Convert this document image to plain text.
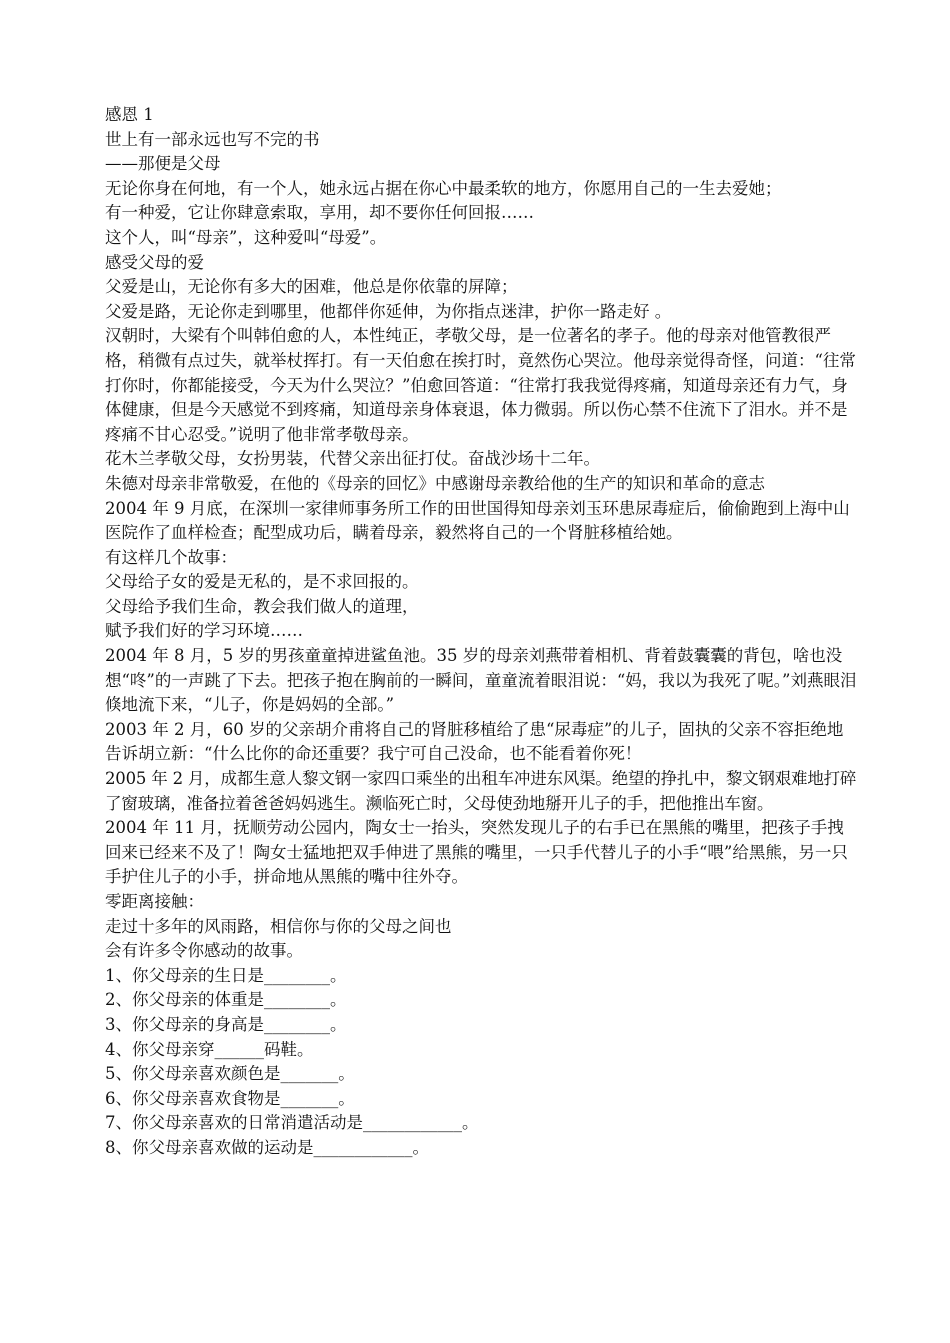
感恩 1

世上有一部永远也写不完的书

——那便是父母

无论你身在何地，有一个人，她永远占据在你心中最柔软的地方，你愿用自己的一生去爱她；

有一种爱，它让你肆意索取，享用，却不要你任何回报……

这个人，叫“母亲”，这种爱叫“母爱”。

感受父母的爱

父爱是山，无论你有多大的困难，他总是你依靠的屏障；

父爱是路，无论你走到哪里，他都伴你延伸，为你指点迷津，护你一路走好 。

汉朝时，大梁有个叫韩伯愈的人，本性纯正，孝敬父母，是一位著名的孝子。他的母亲对他管教很严格，稍微有点过失，就举杖挥打。有一天伯愈在挨打时，竟然伤心哭泣。他母亲觉得奇怪，问道：“往常打你时，你都能接受，今天为什么哭泣？”伯愈回答道：“往常打我我觉得疼痛，知道母亲还有力气，身体健康，但是今天感觉不到疼痛，知道母亲身体衰退，体力微弱。所以伤心禁不住流下了泪水。并不是疼痛不甘心忍受。”说明了他非常孝敬母亲。

花木兰孝敬父母，女扮男装，代替父亲出征打仗。奋战沙场十二年。

朱德对母亲非常敬爱，在他的《母亲的回忆》中感谢母亲教给他的生产的知识和革命的意志

2004 年 9 月底，在深圳一家律师事务所工作的田世国得知母亲刘玉环患尿毒症后，偷偷跑到上海中山医院作了血样检查；配型成功后，瞒着母亲，毅然将自己的一个肾脏移植给她。

有这样几个故事：

父母给子女的爱是无私的，是不求回报的。

父母给予我们生命，教会我们做人的道理，

赋予我们好的学习环境……

2004 年 8 月，5 岁的男孩童童掉进鲨鱼池。35 岁的母亲刘燕带着相机、背着鼓囊囊的背包，啥也没想“咚”的一声跳了下去。把孩子抱在胸前的一瞬间，童童流着眼泪说：“妈，我以为我死了呢。”刘燕眼泪倏地流下来，“儿子，你是妈妈的全部。”

2003 年 2 月，60 岁的父亲胡介甫将自己的肾脏移植给了患“尿毒症”的儿子，固执的父亲不容拒绝地告诉胡立新：“什么比你的命还重要？我宁可自己没命，也不能看着你死！

2005 年 2 月，成都生意人黎文钢一家四口乘坐的出租车冲进东风渠。绝望的挣扎中，黎文钢艰难地打碎了窗玻璃，准备拉着爸爸妈妈逃生。濒临死亡时，父母使劲地掰开儿子的手，把他推出车窗。

2004 年 11 月，抚顺劳动公园内，陶女士一抬头，突然发现儿子的右手已在黑熊的嘴里，把孩子手拽回来已经来不及了！陶女士猛地把双手伸进了黑熊的嘴里，一只手代替儿子的小手“喂”给黑熊，另一只手护住儿子的小手，拼命地从黑熊的嘴中往外夺。

零距离接触：

走过十多年的风雨路，相信你与你的父母之间也

会有许多令你感动的故事。

1、你父母亲的生日是________。

2、你父母亲的体重是________。

3、你父母亲的身高是________。

4、你父母亲穿______码鞋。

5、你父母亲喜欢颜色是_______。

6、你父母亲喜欢食物是_______。

7、你父母亲喜欢的日常消遣活动是____________。

8、你父母亲喜欢做的运动是____________。
